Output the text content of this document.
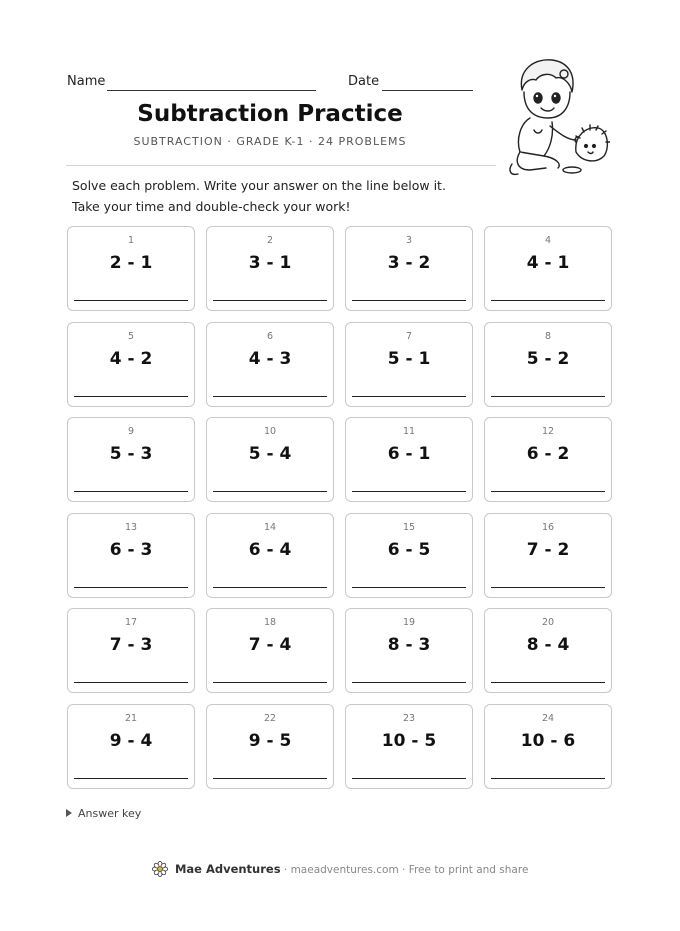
Name	Date
Subtraction Practice
SUBTRACTION · GRADE K-1 · 24 PROBLEMS
Solve each problem. Write your answer on the line below it. Take your time and double-check your work!
1
2 - 1
2
3 - 1
3
3 - 2
4
4 - 1
5
4 - 2
6
4 - 3
7
5 - 1
8
5 - 2
9
5 - 3
10
5 - 4
11
6 - 1
12
6 - 2
13
6 - 3
14
6 - 4
15
6 - 5
16
7 - 2
17
7 - 3
18
7 - 4
19
8 - 3
20
8 - 4
21
9 - 4
22
9 - 5
23
10 - 5
24
10 - 6
Answer key
Mae Adventures · maeadventures.com · Free to print and share
